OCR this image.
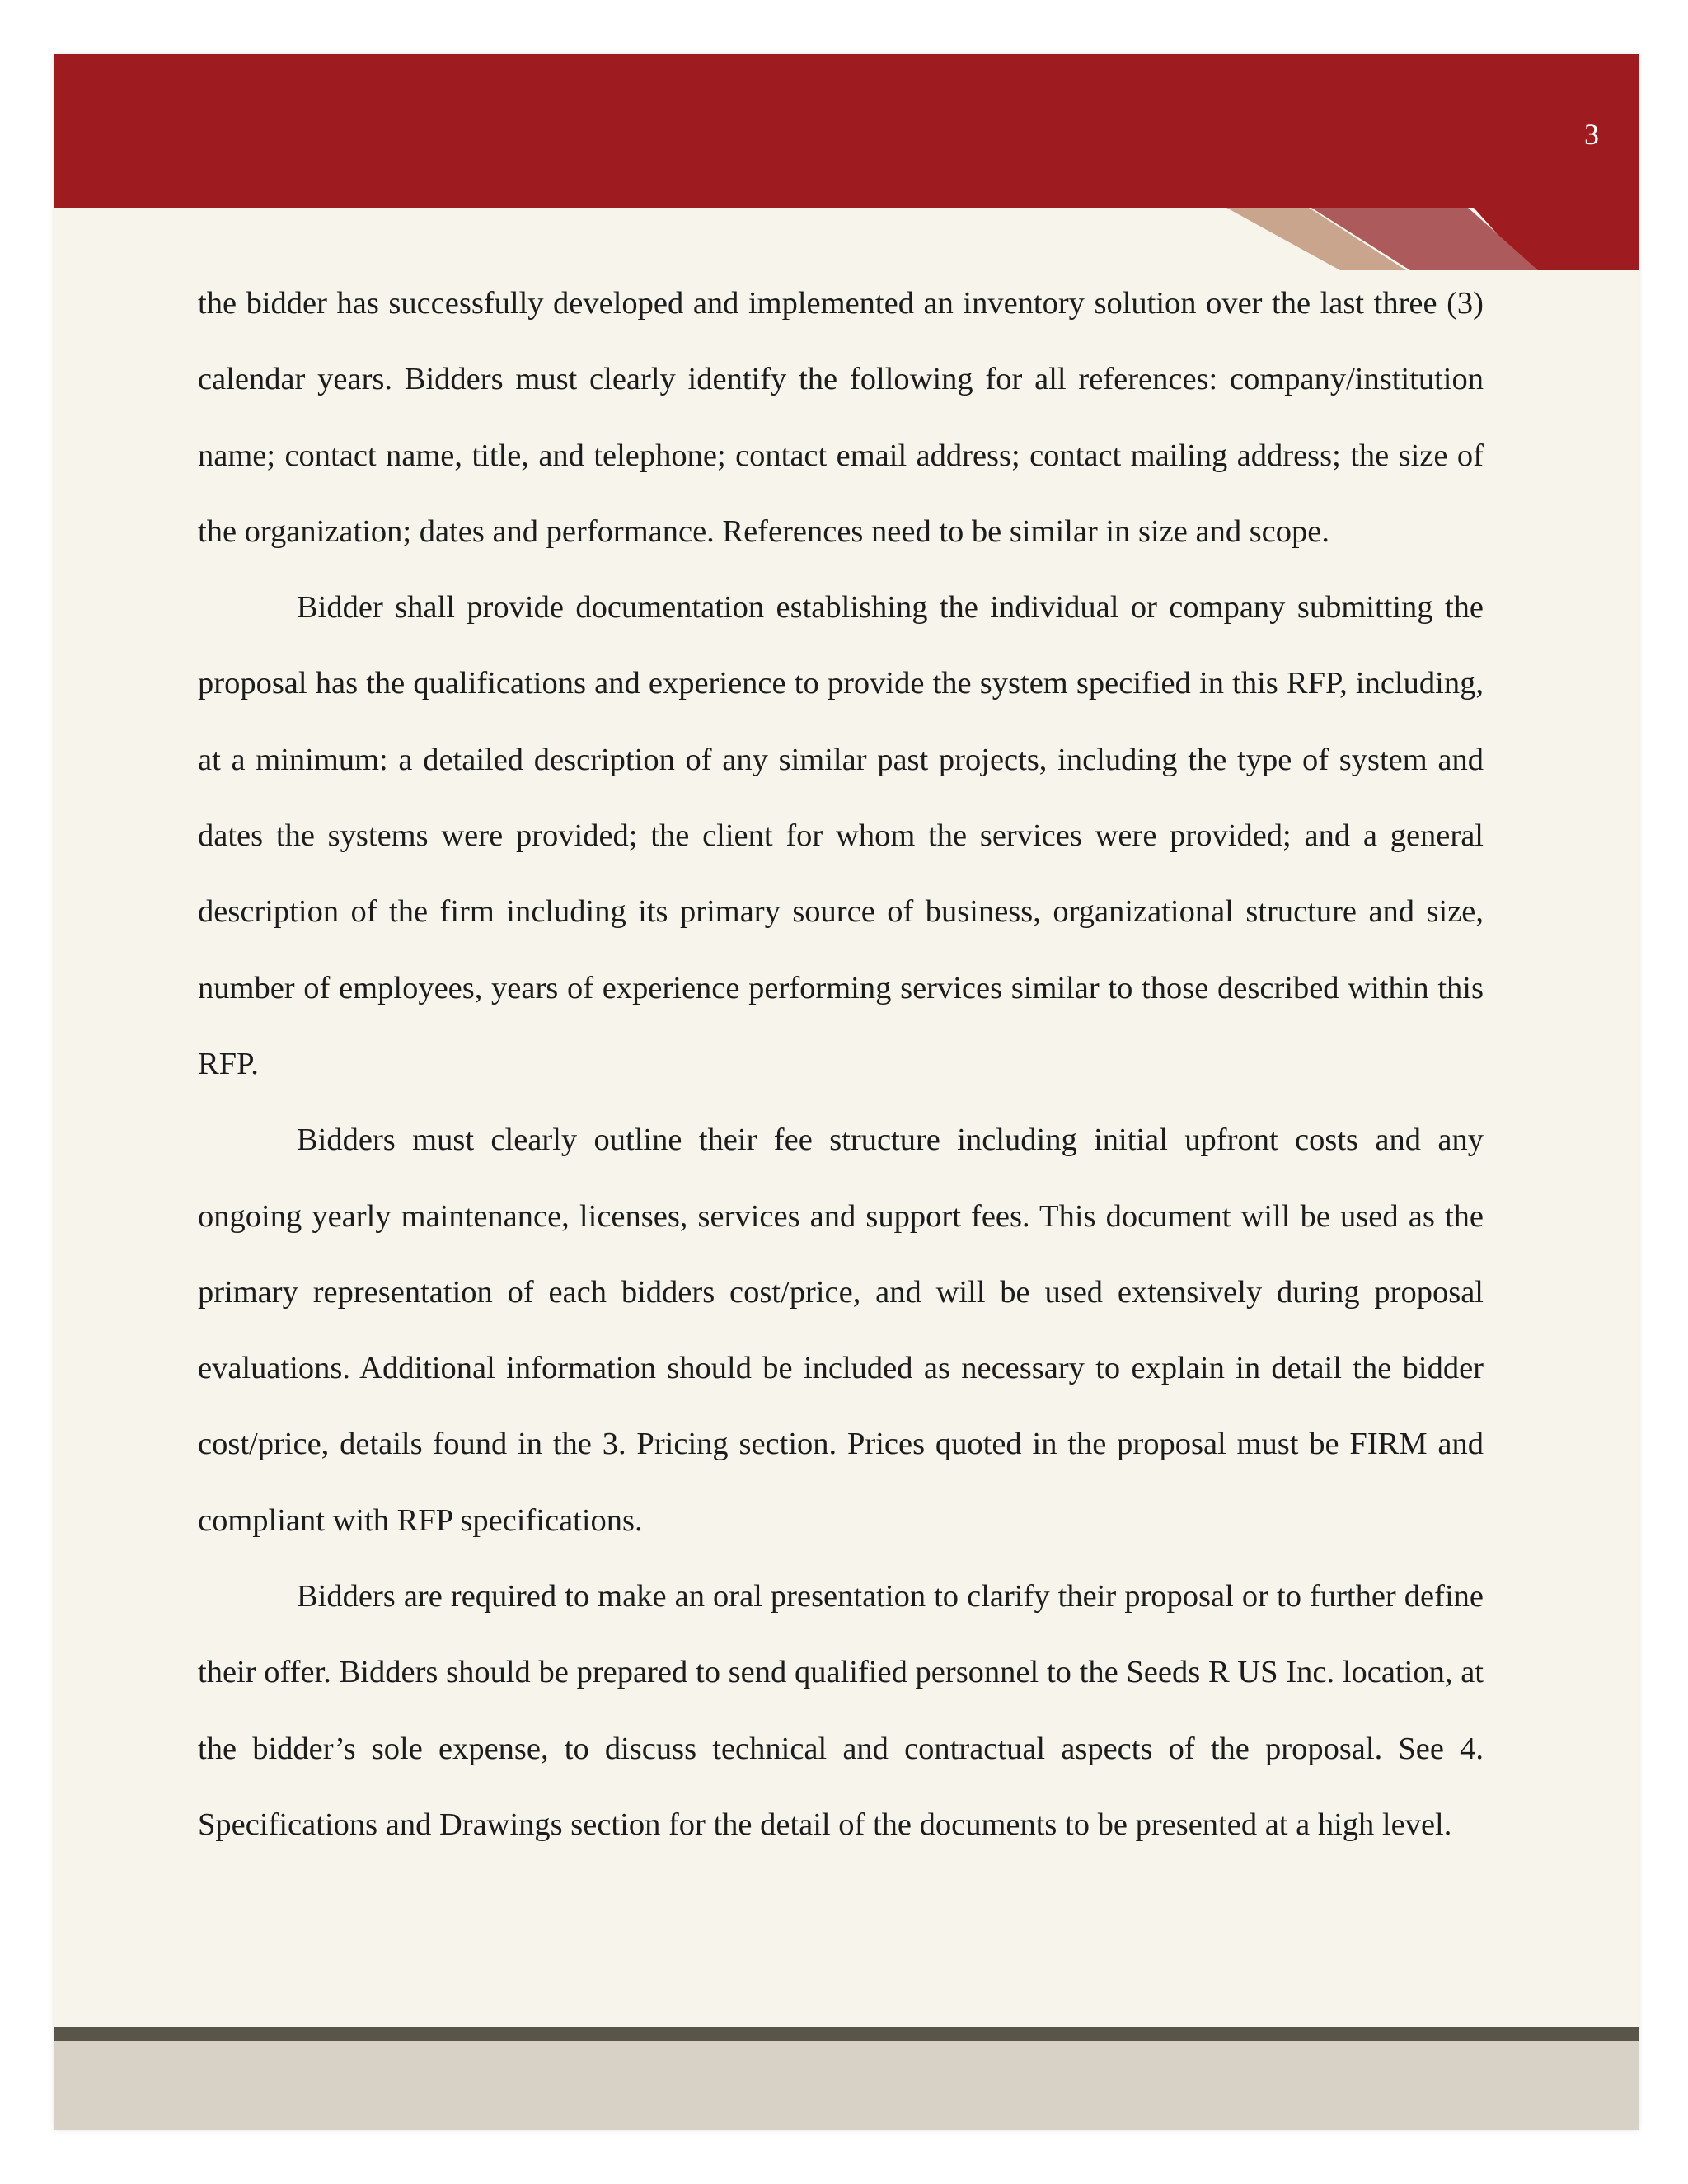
3

the bidder has successfully developed and implemented an inventory solution over the last three (3) calendar years. Bidders must clearly identify the following for all references: company/institution name; contact name, title, and telephone; contact email address; contact mailing address; the size of the organization; dates and performance. References need to be similar in size and scope.

Bidder shall provide documentation establishing the individual or company submitting the proposal has the qualifications and experience to provide the system specified in this RFP, including, at a minimum: a detailed description of any similar past projects, including the type of system and dates the systems were provided; the client for whom the services were provided; and a general description of the firm including its primary source of business, organizational structure and size, number of employees, years of experience performing services similar to those described within this RFP.

Bidders must clearly outline their fee structure including initial upfront costs and any ongoing yearly maintenance, licenses, services and support fees. This document will be used as the primary representation of each bidders cost/price, and will be used extensively during proposal evaluations. Additional information should be included as necessary to explain in detail the bidder cost/price, details found in the 3. Pricing section. Prices quoted in the proposal must be FIRM and compliant with RFP specifications.

Bidders are required to make an oral presentation to clarify their proposal or to further define their offer. Bidders should be prepared to send qualified personnel to the Seeds R US Inc. location, at the bidder’s sole expense, to discuss technical and contractual aspects of the proposal. See 4. Specifications and Drawings section for the detail of the documents to be presented at a high level.
